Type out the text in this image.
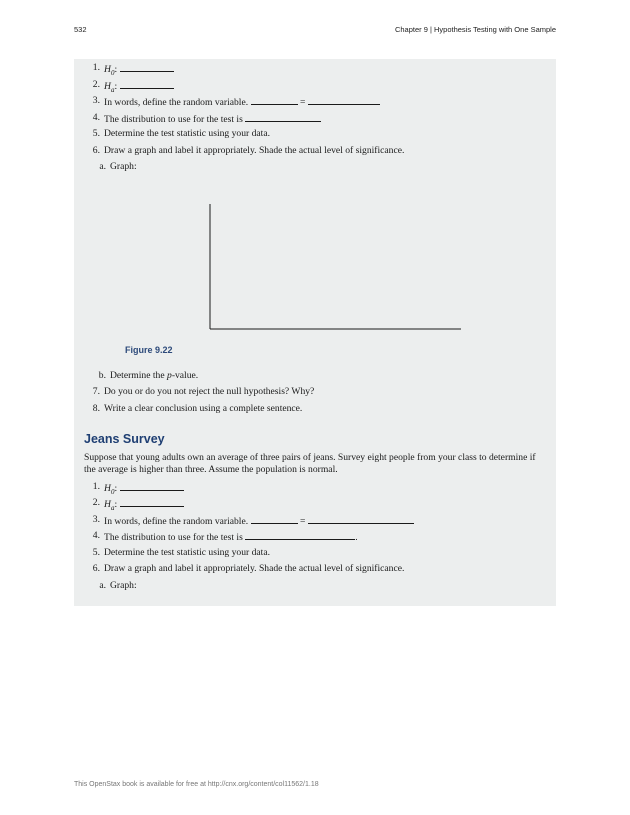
532	Chapter 9 | Hypothesis Testing with One Sample
1. $H_0$:
2. $H_a$:
3. In words, define the random variable.	=
4. The distribution to use for the test is
5. Determine the test statistic using your data.
6. Draw a graph and label it appropriately. Shade the actual level of significance.
a. Graph:
Figure 9.22
b. Determine the p-value.
7. Do you or do you not reject the null hypothesis? Why?
8. Write a clear conclusion using a complete sentence.
Jeans Survey
Suppose that young adults own an average of three pairs of jeans. Survey eight people from your class to determine if the average is higher than three. Assume the population is normal.
1. $H_0$:
2. $H_a$:
3. In words, define the random variable.	=
4. The distribution to use for the test is	.
5. Determine the test statistic using your data.
6. Draw a graph and label it appropriately. Shade the actual level of significance.
a. Graph:
This OpenStax book is available for free at http://cnx.org/content/col11562/1.18
